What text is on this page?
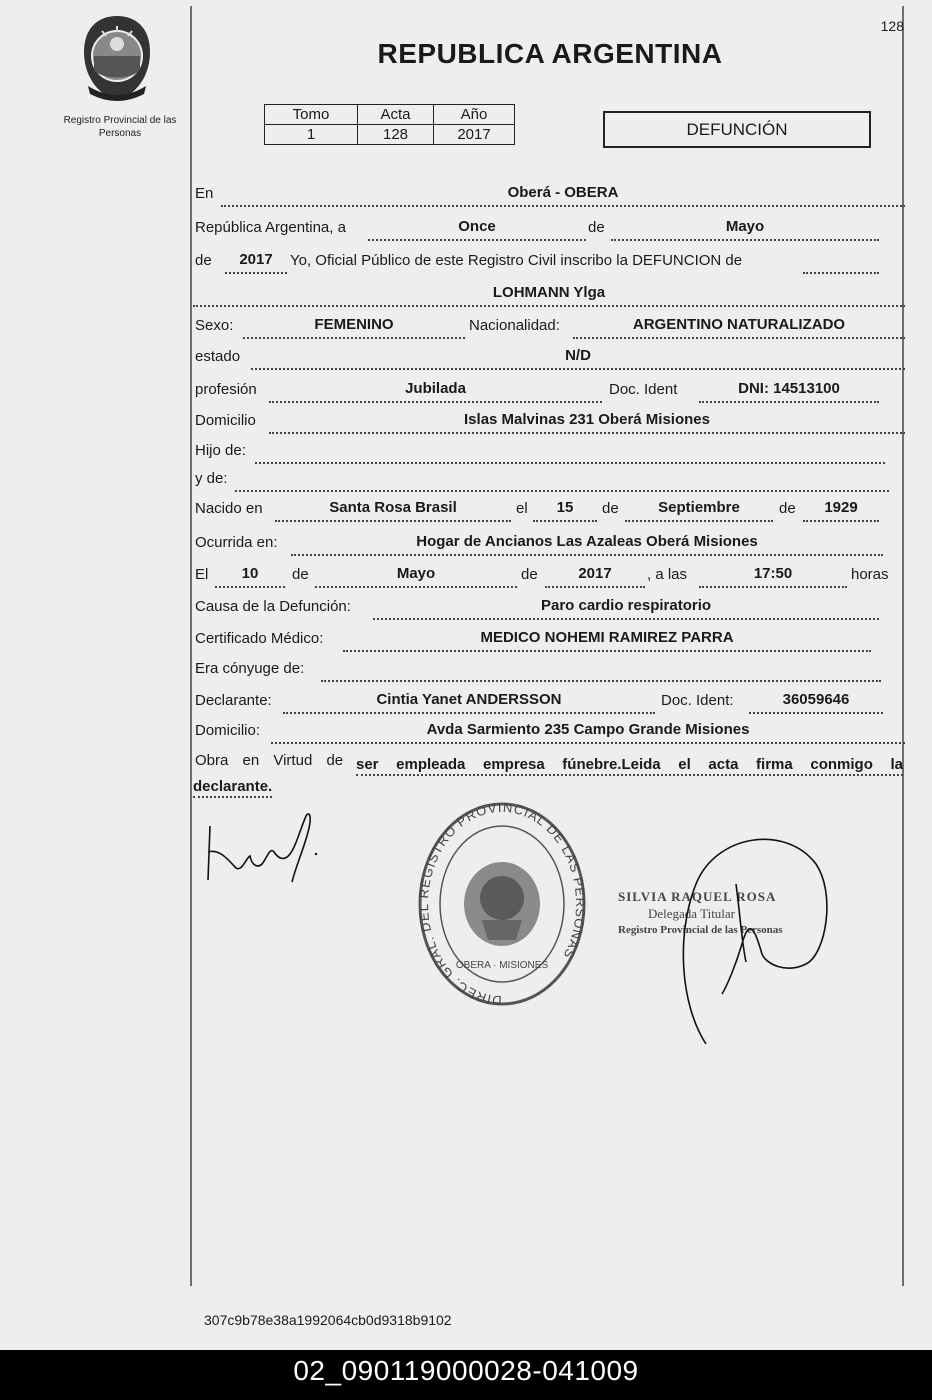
Registro Provincial de las Personas
128
REPUBLICA ARGENTINA
Tomo	Acta	Año
1	128	2017	DEFUNCIÓN
En	Oberá - OBERA
República Argentina, a	Once	de	Mayo
de	2017	Yo, Oficial Público de este Registro Civil inscribo la DEFUNCION de
LOHMANN Ylga
Sexo:	FEMENINO	Nacionalidad:	ARGENTINO NATURALIZADO
estado	N/D
profesión	Jubilada	Doc. Ident	DNI: 14513100
Domicilio	Islas Malvinas 231 Oberá Misiones
Hijo de:
y de:
Nacido en	Santa Rosa Brasil	el	15	de	Septiembre	de	1929
Ocurrida en:	Hogar de Ancianos Las Azaleas Oberá Misiones
El	10	de	Mayo	de	2017	, a las	17:50	horas
Causa de la Defunción:	Paro cardio respiratorio
Certificado Médico:	MEDICO NOHEMI RAMIREZ PARRA
Era cónyuge de:
Declarante:	Cintia Yanet ANDERSSON	Doc. Ident:	36059646
Domicilio:	Avda Sarmiento 235 Campo Grande Misiones
Obra en Virtud de ser empleada empresa fúnebre.Leida el acta firma conmigo la
declarante.
DIREC. GRAL. DEL REGISTRO PROVINCIAL DE LAS PERSONAS
OBERA · MISIONES
SILVIA RAQUEL ROSA
Delegada Titular
Registro Provincial de las Personas
307c9b78e38a1992064cb0d9318b9102
02_090119000028-041009
